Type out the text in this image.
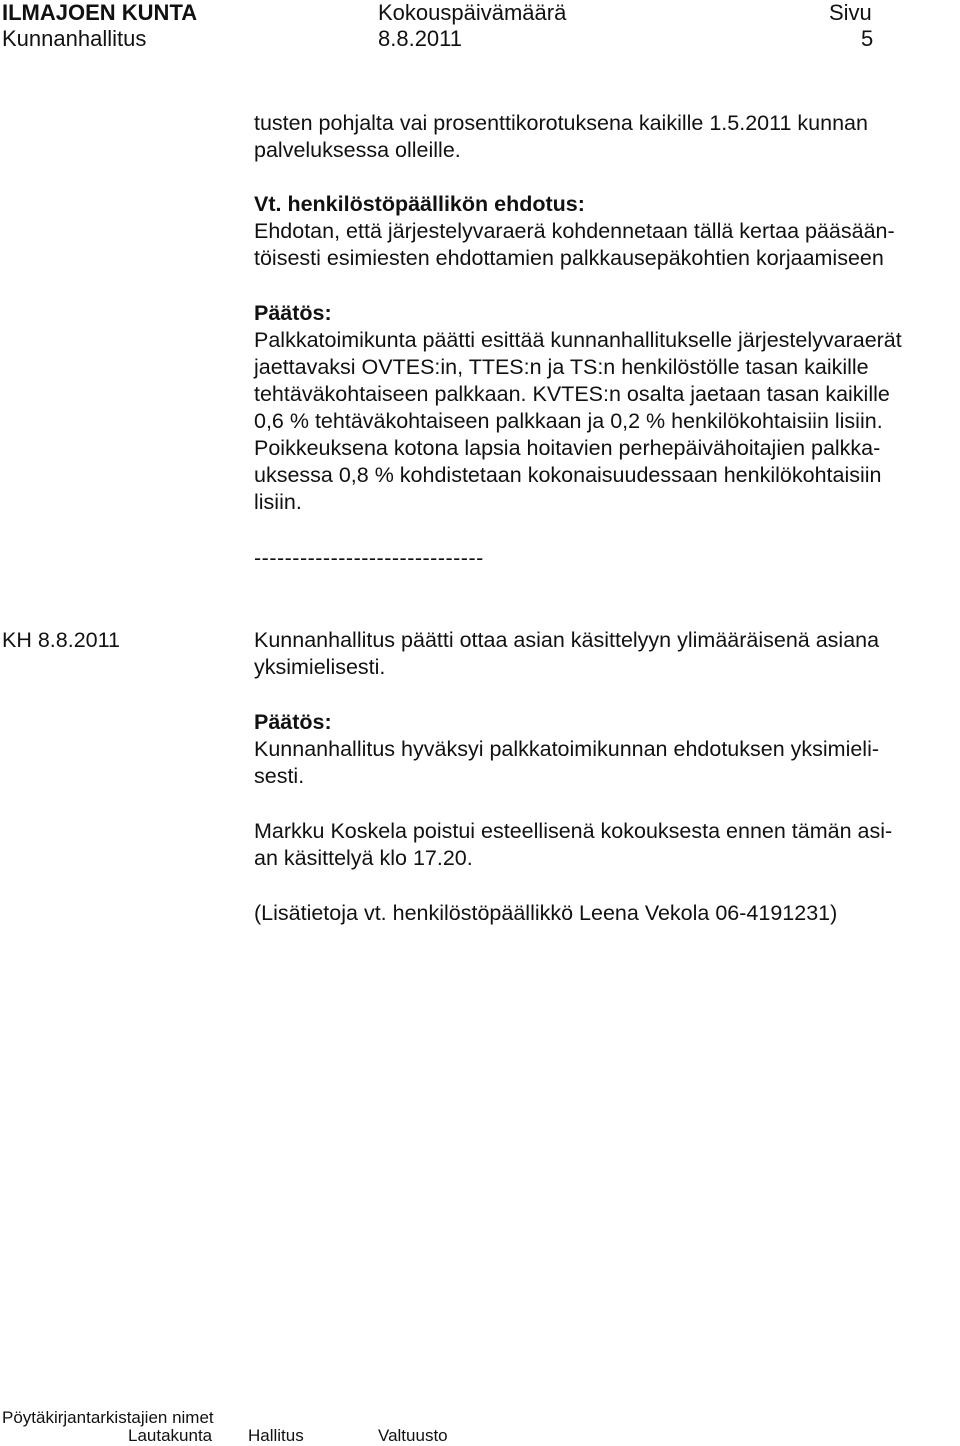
ILMAJOEN KUNTA	Kokouspäivämäärä	Sivu
Kunnanhallitus	8.8.2011	5

tusten pohjalta vai prosenttikorotuksena kaikille 1.5.2011 kunnan

palveluksessa olleille.

Vt. henkilöstöpäällikön ehdotus:

Ehdotan, että järjestelyvaraerä kohdennetaan tällä kertaa pääsään-

töisesti esimiesten ehdottamien palkkausepäkohtien korjaamiseen

Päätös:

Palkkatoimikunta päätti esittää kunnanhallitukselle järjestelyvaraerät

jaettavaksi OVTES:in, TTES:n ja TS:n henkilöstölle tasan kaikille

tehtäväkohtaiseen palkkaan. KVTES:n osalta jaetaan tasan kaikille

0,6 % tehtäväkohtaiseen palkkaan ja 0,2 % henkilökohtaisiin lisiin.

Poikkeuksena kotona lapsia hoitavien perhepäivähoitajien palkka-

uksessa 0,8 % kohdistetaan kokonaisuudessaan henkilökohtaisiin

lisiin.

------------------------------
KH 8.8.2011	Kunnanhallitus päätti ottaa asian käsittelyyn ylimääräisenä asiana

yksimielisesti.

Päätös:

Kunnanhallitus hyväksyi palkkatoimikunnan ehdotuksen yksimieli-

sesti.

Markku Koskela poistui esteellisenä kokouksesta ennen tämän asi-

an käsittelyä klo 17.20.

(Lisätietoja vt. henkilöstöpäällikkö Leena Vekola 06-4191231)
Pöytäkirjantarkistajien nimet
Lautakunta Hallitus	Valtuusto
